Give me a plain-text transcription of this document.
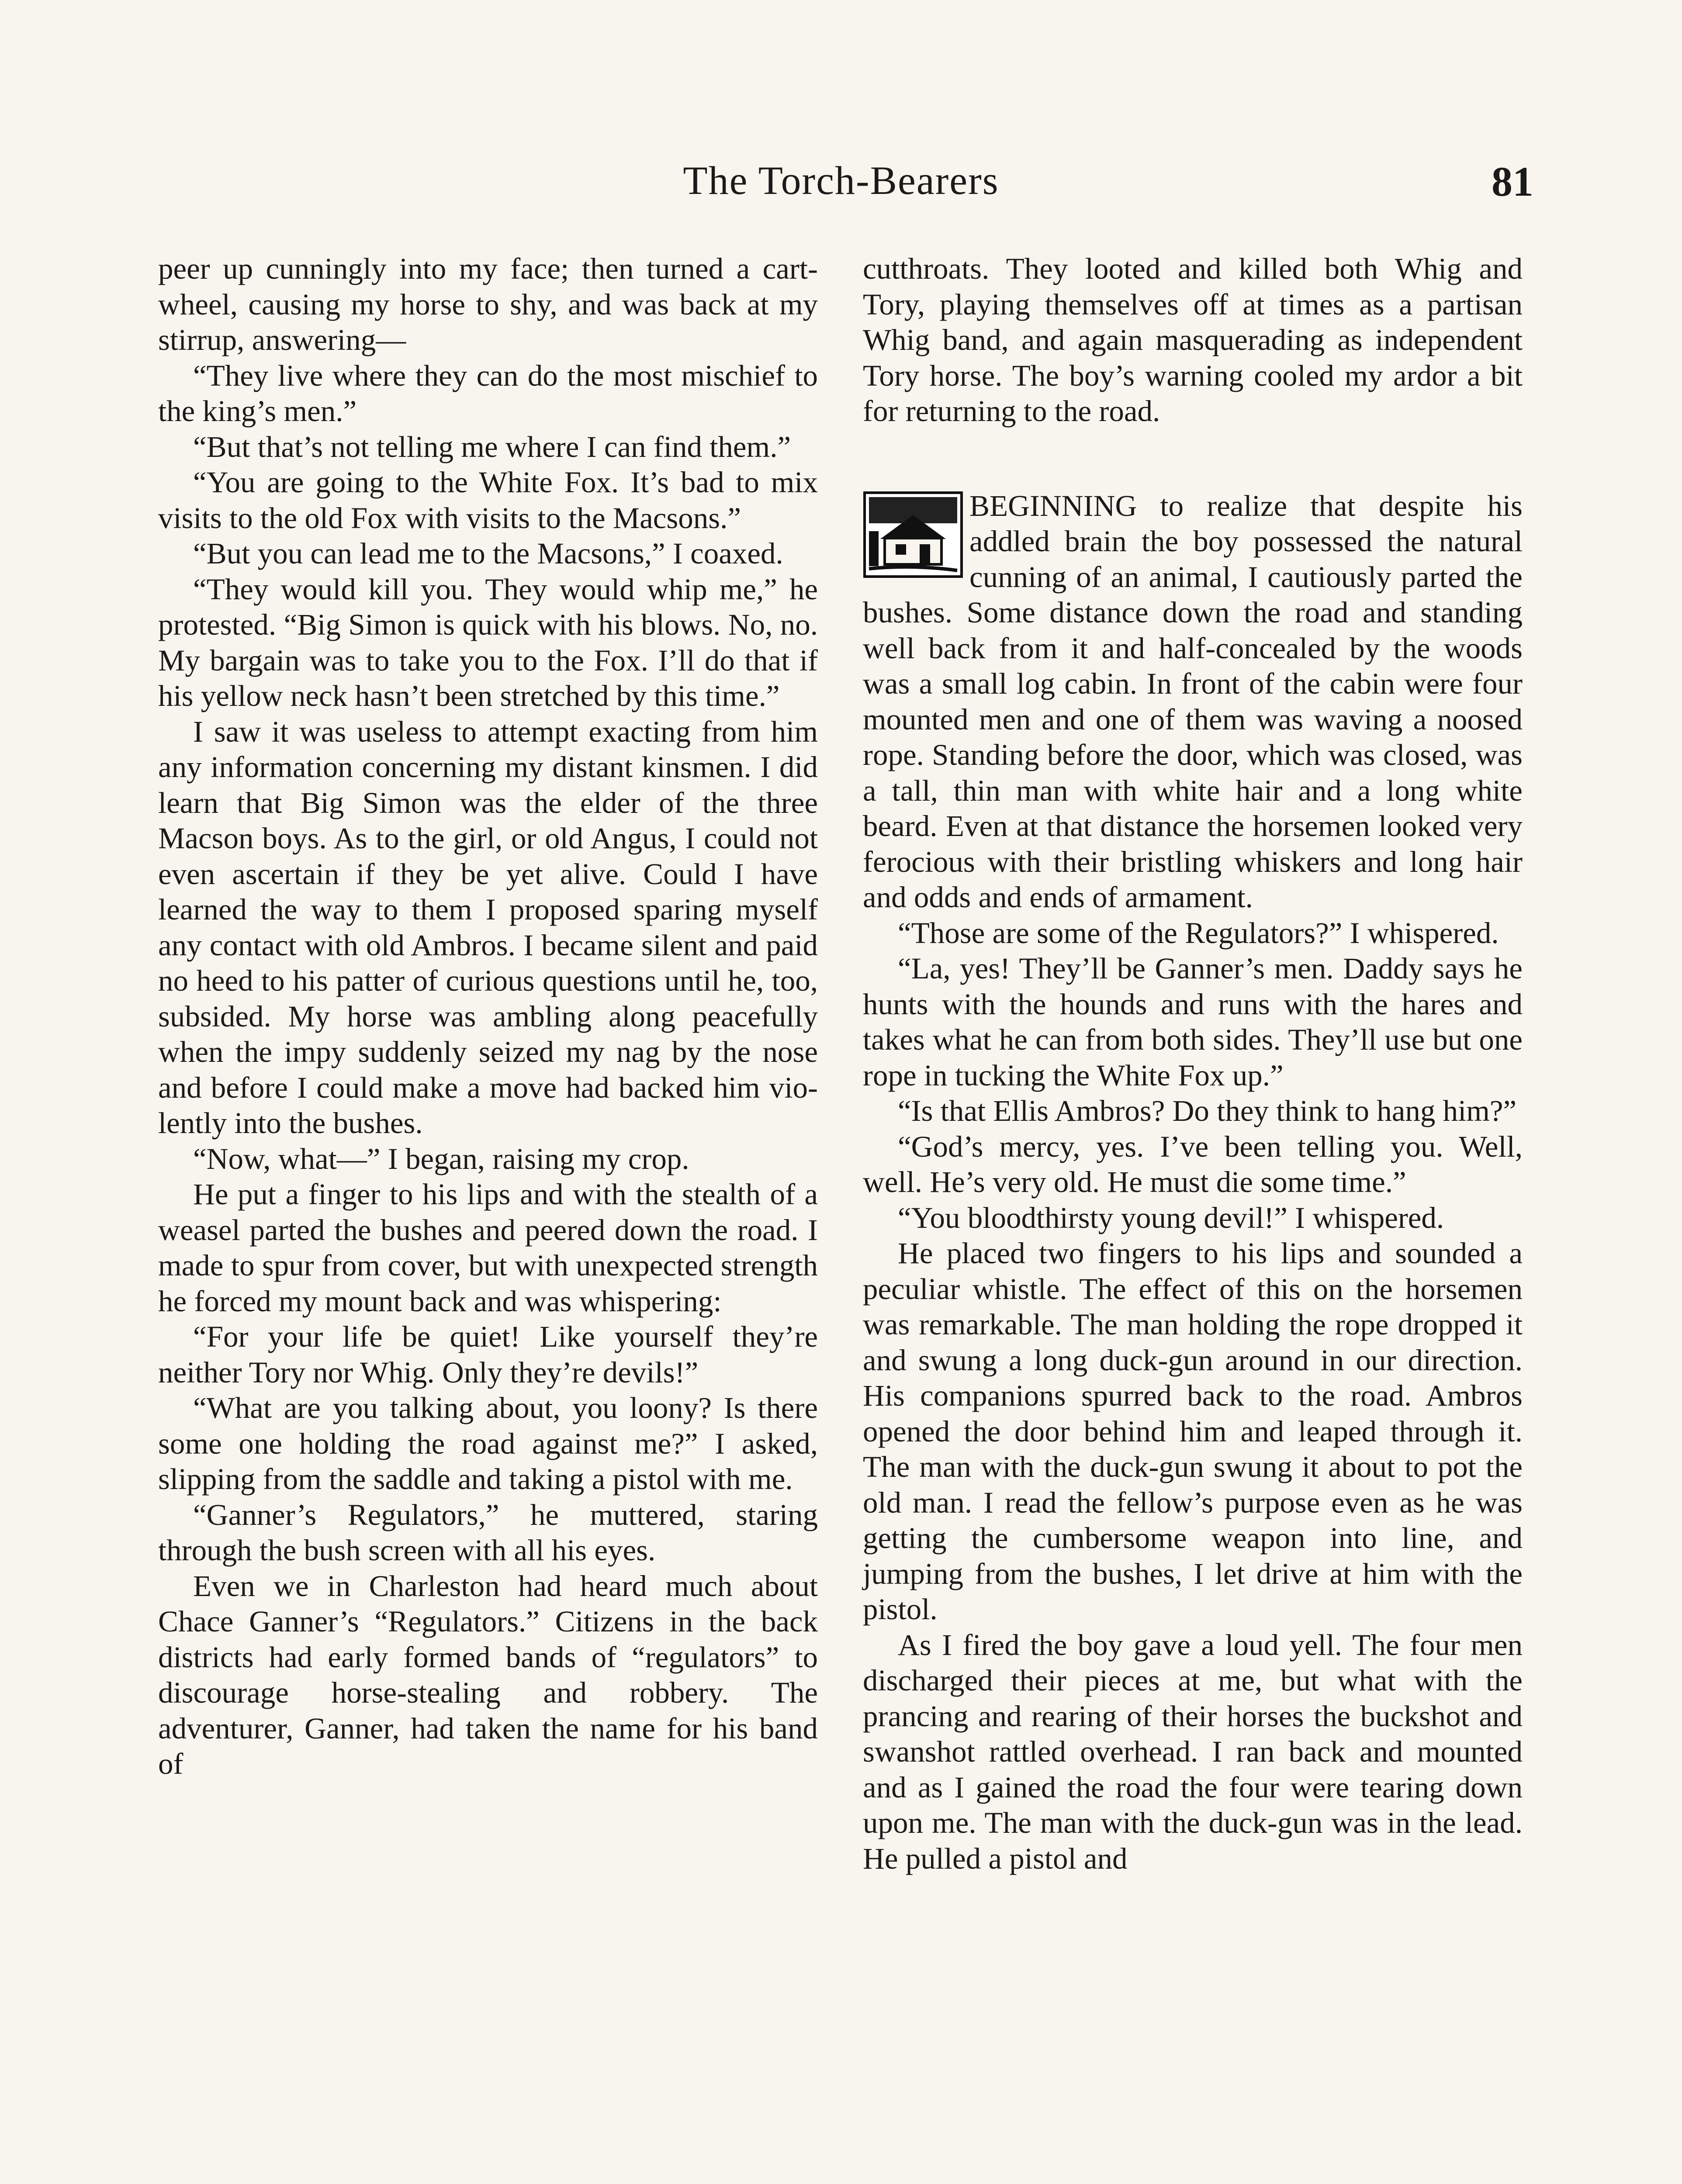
The Torch-Bearers	81

peer up cunningly into my face; then turned a cart-wheel, causing my horse to shy, and was back at my stirrup, answering—

“They live where they can do the most mischief to the king’s men.”

“But that’s not telling me where I can find them.”

“You are going to the White Fox. It’s bad to mix visits to the old Fox with visits to the Macsons.”

“But you can lead me to the Macsons,” I coaxed.

“They would kill you. They would whip me,” he protested. “Big Simon is quick with his blows. No, no. My bargain was to take you to the Fox. I’ll do that if his yellow neck hasn’t been stretched by this time.”

I saw it was useless to attempt exacting from him any information concerning my distant kinsmen. I did learn that Big Simon was the elder of the three Macson boys. As to the girl, or old Angus, I could not even ascertain if they be yet alive. Could I have learned the way to them I proposed sparing myself any contact with old Ambros. I became silent and paid no heed to his patter of curious questions until he, too, subsided. My horse was ambling along peacefully when the impy suddenly seized my nag by the nose and before I could make a move had backed him violently into the bushes.

“Now, what—” I began, raising my crop.

He put a finger to his lips and with the stealth of a weasel parted the bushes and peered down the road. I made to spur from cover, but with unexpected strength he forced my mount back and was whispering:

“For your life be quiet! Like yourself they’re neither Tory nor Whig. Only they’re devils!”

“What are you talking about, you loony? Is there some one holding the road against me?” I asked, slipping from the saddle and taking a pistol with me.

“Ganner’s Regulators,” he muttered, staring through the bush screen with all his eyes.

Even we in Charleston had heard much about Chace Ganner’s “Regulators.” Citizens in the back districts had early formed bands of “regulators” to discourage horse-stealing and robbery. The adventurer, Ganner, had taken the name for his band of

cutthroats. They looted and killed both Whig and Tory, playing themselves off at times as a partisan Whig band, and again masquerading as independent Tory horse. The boy’s warning cooled my ardor a bit for returning to the road.

BEGINNING to realize that despite his addled brain the boy possessed the natural cunning of an animal, I cautiously parted the bushes. Some distance down the road and standing well back from it and half-concealed by the woods was a small log cabin. In front of the cabin were four mounted men and one of them was waving a noosed rope. Standing before the door, which was closed, was a tall, thin man with white hair and a long white beard. Even at that distance the horsemen looked very ferocious with their bristling whiskers and long hair and odds and ends of armament.

“Those are some of the Regulators?” I whispered.

“La, yes! They’ll be Ganner’s men. Daddy says he hunts with the hounds and runs with the hares and takes what he can from both sides. They’ll use but one rope in tucking the White Fox up.”

“Is that Ellis Ambros? Do they think to hang him?”

“God’s mercy, yes. I’ve been telling you. Well, well. He’s very old. He must die some time.”

“You bloodthirsty young devil!” I whispered.

He placed two fingers to his lips and sounded a peculiar whistle. The effect of this on the horsemen was remarkable. The man holding the rope dropped it and swung a long duck-gun around in our direction. His companions spurred back to the road. Ambros opened the door behind him and leaped through it. The man with the duck-gun swung it about to pot the old man. I read the fellow’s purpose even as he was getting the cumbersome weapon into line, and jumping from the bushes, I let drive at him with the pistol.

As I fired the boy gave a loud yell. The four men discharged their pieces at me, but what with the prancing and rearing of their horses the buckshot and swanshot rattled overhead. I ran back and mounted and as I gained the road the four were tearing down upon me. The man with the duck-gun was in the lead. He pulled a pistol and
